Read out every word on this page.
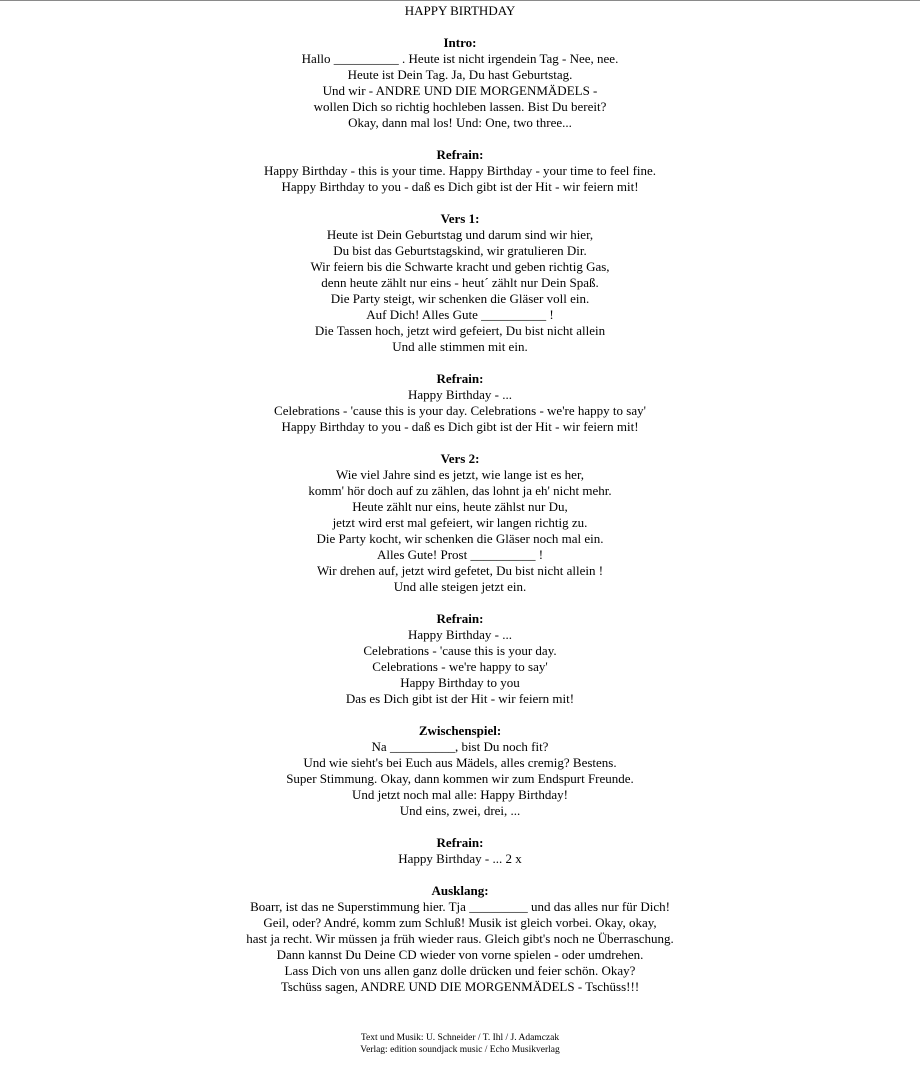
HAPPY BIRTHDAY
Intro:
Hallo __________ . Heute ist nicht irgendein Tag - Nee, nee.
Heute ist Dein Tag. Ja, Du hast Geburtstag.
Und wir - ANDRE UND DIE MORGENMÄDELS -
wollen Dich so richtig hochleben lassen. Bist Du bereit?
Okay, dann mal los! Und: One, two three...
Refrain:
Happy Birthday - this is your time. Happy Birthday - your time to feel fine.
Happy Birthday to you - daß es Dich gibt ist der Hit - wir feiern mit!
Vers 1:
Heute ist Dein Geburtstag und darum sind wir hier,
Du bist das Geburtstagskind, wir gratulieren Dir.
Wir feiern bis die Schwarte kracht und geben richtig Gas,
denn heute zählt nur eins - heut´ zählt nur Dein Spaß.
Die Party steigt, wir schenken die Gläser voll ein.
Auf Dich! Alles Gute __________ !
Die Tassen hoch, jetzt wird gefeiert, Du bist nicht allein
Und alle stimmen mit ein.
Refrain:
Happy Birthday - ...
Celebrations - 'cause this is your day. Celebrations - we're happy to say'
Happy Birthday to you - daß es Dich gibt ist der Hit - wir feiern mit!
Vers 2:
Wie viel Jahre sind es jetzt, wie lange ist es her,
komm' hör doch auf zu zählen, das lohnt ja eh' nicht mehr.
Heute zählt nur eins, heute zählst nur Du,
jetzt wird erst mal gefeiert, wir langen richtig zu.
Die Party kocht, wir schenken die Gläser noch mal ein.
Alles Gute! Prost __________ !
Wir drehen auf, jetzt wird gefetet, Du bist nicht allein !
Und alle steigen jetzt ein.
Refrain:
Happy Birthday - ...
Celebrations - 'cause this is your day.
Celebrations - we're happy to say'
Happy Birthday to you
Das es Dich gibt ist der Hit - wir feiern mit!
Zwischenspiel:
Na __________, bist Du noch fit?
Und wie sieht's bei Euch aus Mädels, alles cremig? Bestens.
Super Stimmung. Okay, dann kommen wir zum Endspurt Freunde.
Und jetzt noch mal alle: Happy Birthday!
Und eins, zwei, drei, ...
Refrain:
Happy Birthday - ... 2 x
Ausklang:
Boarr, ist das ne Superstimmung hier. Tja _________ und das alles nur für Dich!
Geil, oder? André, komm zum Schluß! Musik ist gleich vorbei. Okay, okay,
hast ja recht. Wir müssen ja früh wieder raus. Gleich gibt's noch ne Überraschung.
Dann kannst Du Deine CD wieder von vorne spielen - oder umdrehen.
Lass Dich von uns allen ganz dolle drücken und feier schön. Okay?
Tschüss sagen, ANDRE UND DIE MORGENMÄDELS - Tschüss!!!
Text und Musik: U. Schneider / T. Ihl / J. Adamczak
Verlag: edition soundjack music / Echo Musikverlag
